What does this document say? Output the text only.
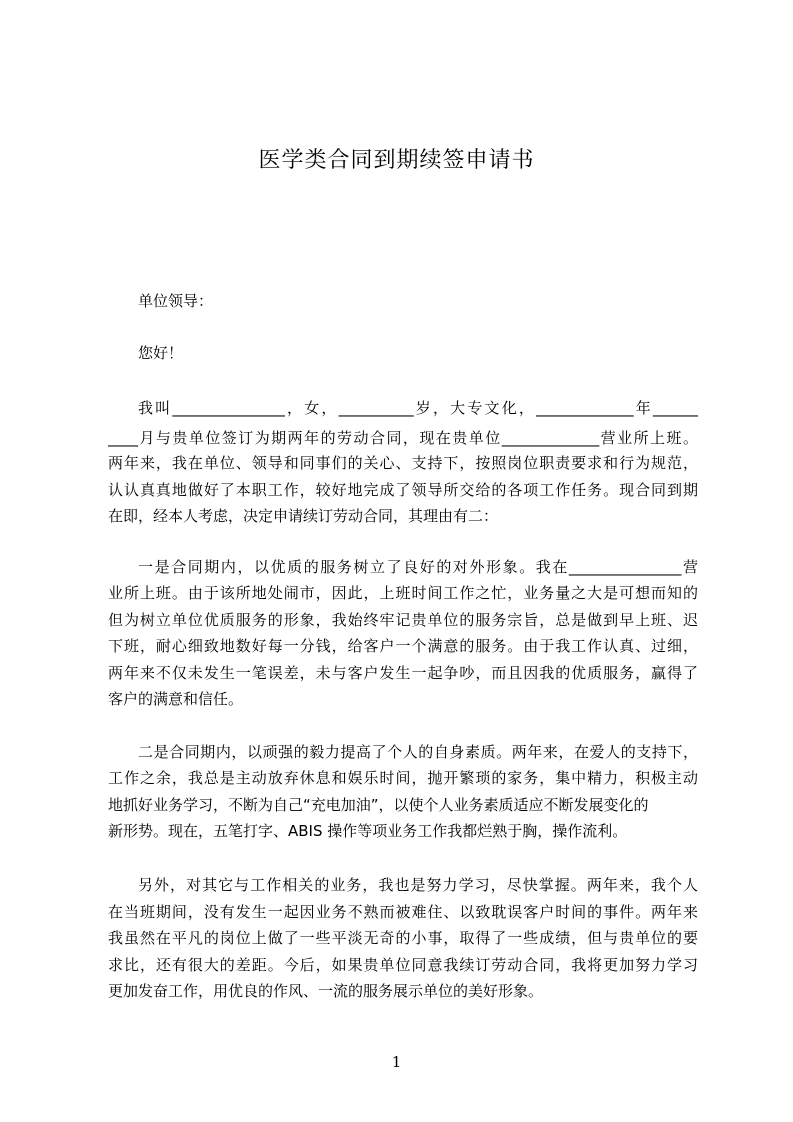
医学类合同到期续签申请书
单位领导：
您好！
我叫_______________，女，__________岁，大专文化，_____________年______
____月与贵单位签订为期两年的劳动合同，现在贵单位_____________营业所上班。
两年来，我在单位、领导和同事们的关心、支持下，按照岗位职责要求和行为规范，
认认真真地做好了本职工作，较好地完成了领导所交给的各项工作任务。现合同到期
在即，经本人考虑，决定申请续订劳动合同，其理由有二：
一是合同期内，以优质的服务树立了良好的对外形象。我在_______________营
业所上班。由于该所地处闹市，因此，上班时间工作之忙，业务量之大是可想而知的
但为树立单位优质服务的形象，我始终牢记贵单位的服务宗旨，总是做到早上班、迟
下班，耐心细致地数好每一分钱，给客户一个满意的服务。由于我工作认真、过细，
两年来不仅未发生一笔误差，未与客户发生一起争吵，而且因我的优质服务，赢得了
客户的满意和信任。
二是合同期内，以顽强的毅力提高了个人的自身素质。两年来，在爱人的支持下，
工作之余，我总是主动放弃休息和娱乐时间，抛开繁琐的家务，集中精力，积极主动
地抓好业务学习，不断为自己“充电加油”，以使个人业务素质适应不断发展变化的
新形势。现在，五笔打字、ABIS 操作等项业务工作我都烂熟于胸，操作流利。
另外，对其它与工作相关的业务，我也是努力学习，尽快掌握。两年来，我个人
在当班期间，没有发生一起因业务不熟而被难住、以致耽误客户时间的事件。两年来
我虽然在平凡的岗位上做了一些平淡无奇的小事，取得了一些成绩，但与贵单位的要
求比，还有很大的差距。今后，如果贵单位同意我续订劳动合同，我将更加努力学习
更加发奋工作，用优良的作风、一流的服务展示单位的美好形象。
1
